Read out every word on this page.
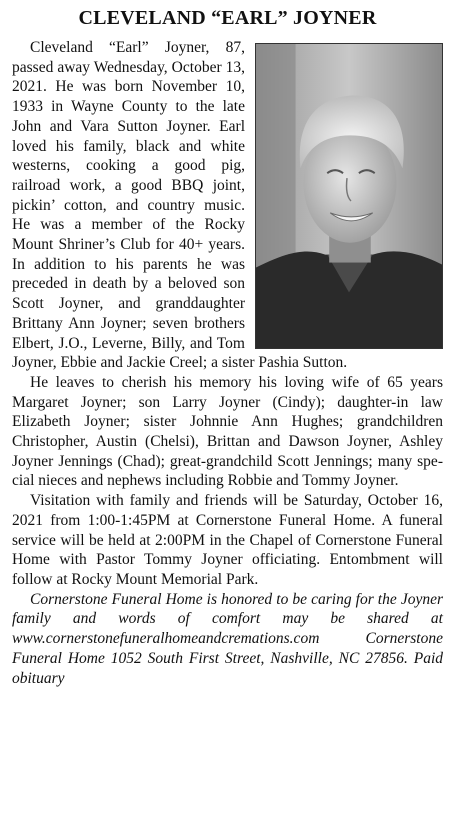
CLEVELAND “EARL” JOYNER

Cleveland “Earl” Joyner, 87, passed away Wednesday, October 13, 2021. He was born November 10, 1933 in Wayne County to the late John and Vara Sutton Joyner. Earl loved his family, black and white westerns, cooking a good pig, railroad work, a good BBQ joint, pickin’ cotton, and country music. He was a member of the Rocky Mount Shriner’s Club for 40+ years. In addition to his parents he was preceded in death by a beloved son Scott Joyner, and granddaughter Brittany Ann Joyner; seven brothers Elbert, J.O., Leverne, Billy, and Tom Joyner, Ebbie and Jackie Creel; a sister Pashia Sutton.

He leaves to cherish his memory his loving wife of 65 years Margaret Joyner; son Larry Joyner (Cindy); daughter-in law Elizabeth Joyner; sister Johnnie Ann Hughes; grandchildren Christopher, Austin (Chelsi), Brittan and Dawson Joyner, Ashley Joyner Jennings (Chad); great-grandchild Scott Jennings; many special nieces and nephews including Robbie and Tommy Joyner.

Visitation with family and friends will be Saturday, October 16, 2021 from 1:00-1:45PM at Cornerstone Funeral Home. A funeral service will be held at 2:00PM in the Chapel of Cornerstone Funeral Home with Pastor Tommy Joyner officiating. Entombment will follow at Rocky Mount Memorial Park.

Cornerstone Funeral Home is honored to be caring for the Joyner family and words of comfort may be shared at www.cornerstonefuneralhomeandcremations.com Cornerstone Funeral Home 1052 South First Street, Nashville, NC 27856. Paid obituary
